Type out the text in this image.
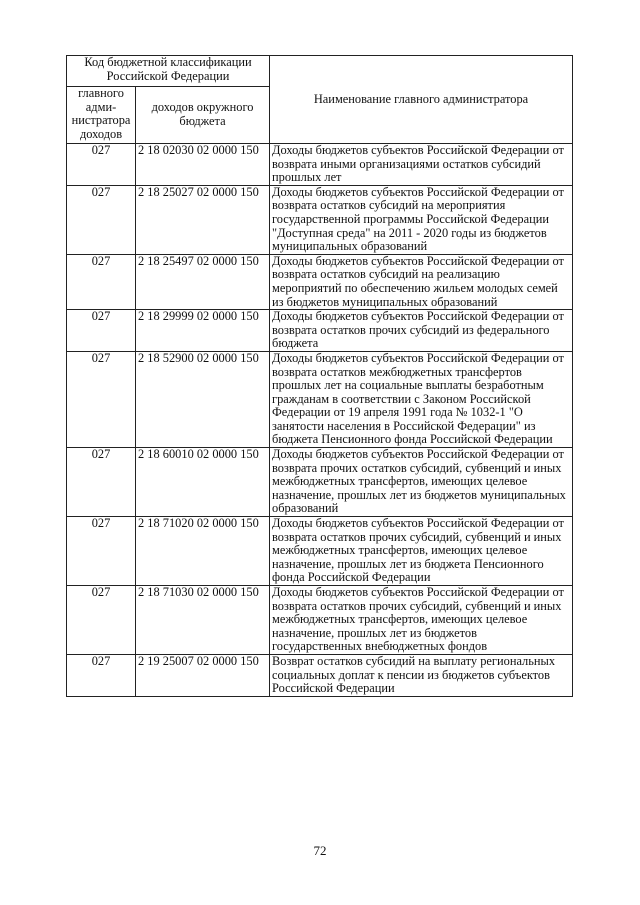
Код бюджетной классификации Российской Федерации		Наименование главного администратора
главного адми-нистратора доходов	доходов окружного бюджета	
027	2 18 02030 02 0000 150	Доходы бюджетов субъектов Российской Федерации от возврата иными организациями остатков субсидий прошлых лет
027	2 18 25027 02 0000 150	Доходы бюджетов субъектов Российской Федерации от возврата остатков субсидий на мероприятия государственной программы Российской Федерации "Доступная среда" на 2011 - 2020 годы из бюджетов муниципальных образований
027	2 18 25497 02 0000 150	Доходы бюджетов субъектов Российской Федерации от возврата остатков субсидий на реализацию мероприятий по обеспечению жильем молодых семей из бюджетов муниципальных образований
027	2 18 29999 02 0000 150	Доходы бюджетов субъектов Российской Федерации от возврата остатков прочих субсидий из федерального бюджета
027	2 18 52900 02 0000 150	Доходы бюджетов субъектов Российской Федерации от возврата остатков межбюджетных трансфертов прошлых лет на социальные выплаты безработным гражданам в соответствии с Законом Российской Федерации от 19 апреля 1991 года № 1032-1 "О занятости населения в Российской Федерации" из бюджета Пенсионного фонда Российской Федерации
027	2 18 60010 02 0000 150	Доходы бюджетов субъектов Российской Федерации от возврата прочих остатков субсидий, субвенций и иных межбюджетных трансфертов, имеющих целевое назначение, прошлых лет из бюджетов муниципальных образований
027	2 18 71020 02 0000 150	Доходы бюджетов субъектов Российской Федерации от возврата остатков прочих субсидий, субвенций и иных межбюджетных трансфертов, имеющих целевое назначение, прошлых лет из бюджета Пенсионного фонда Российской Федерации
027	2 18 71030 02 0000 150	Доходы бюджетов субъектов Российской Федерации от возврата остатков прочих субсидий, субвенций и иных межбюджетных трансфертов, имеющих целевое назначение, прошлых лет из бюджетов государственных внебюджетных фондов
027	2 19 25007 02 0000 150	Возврат остатков субсидий на выплату региональных социальных доплат к пенсии из бюджетов субъектов Российской Федерации
72
